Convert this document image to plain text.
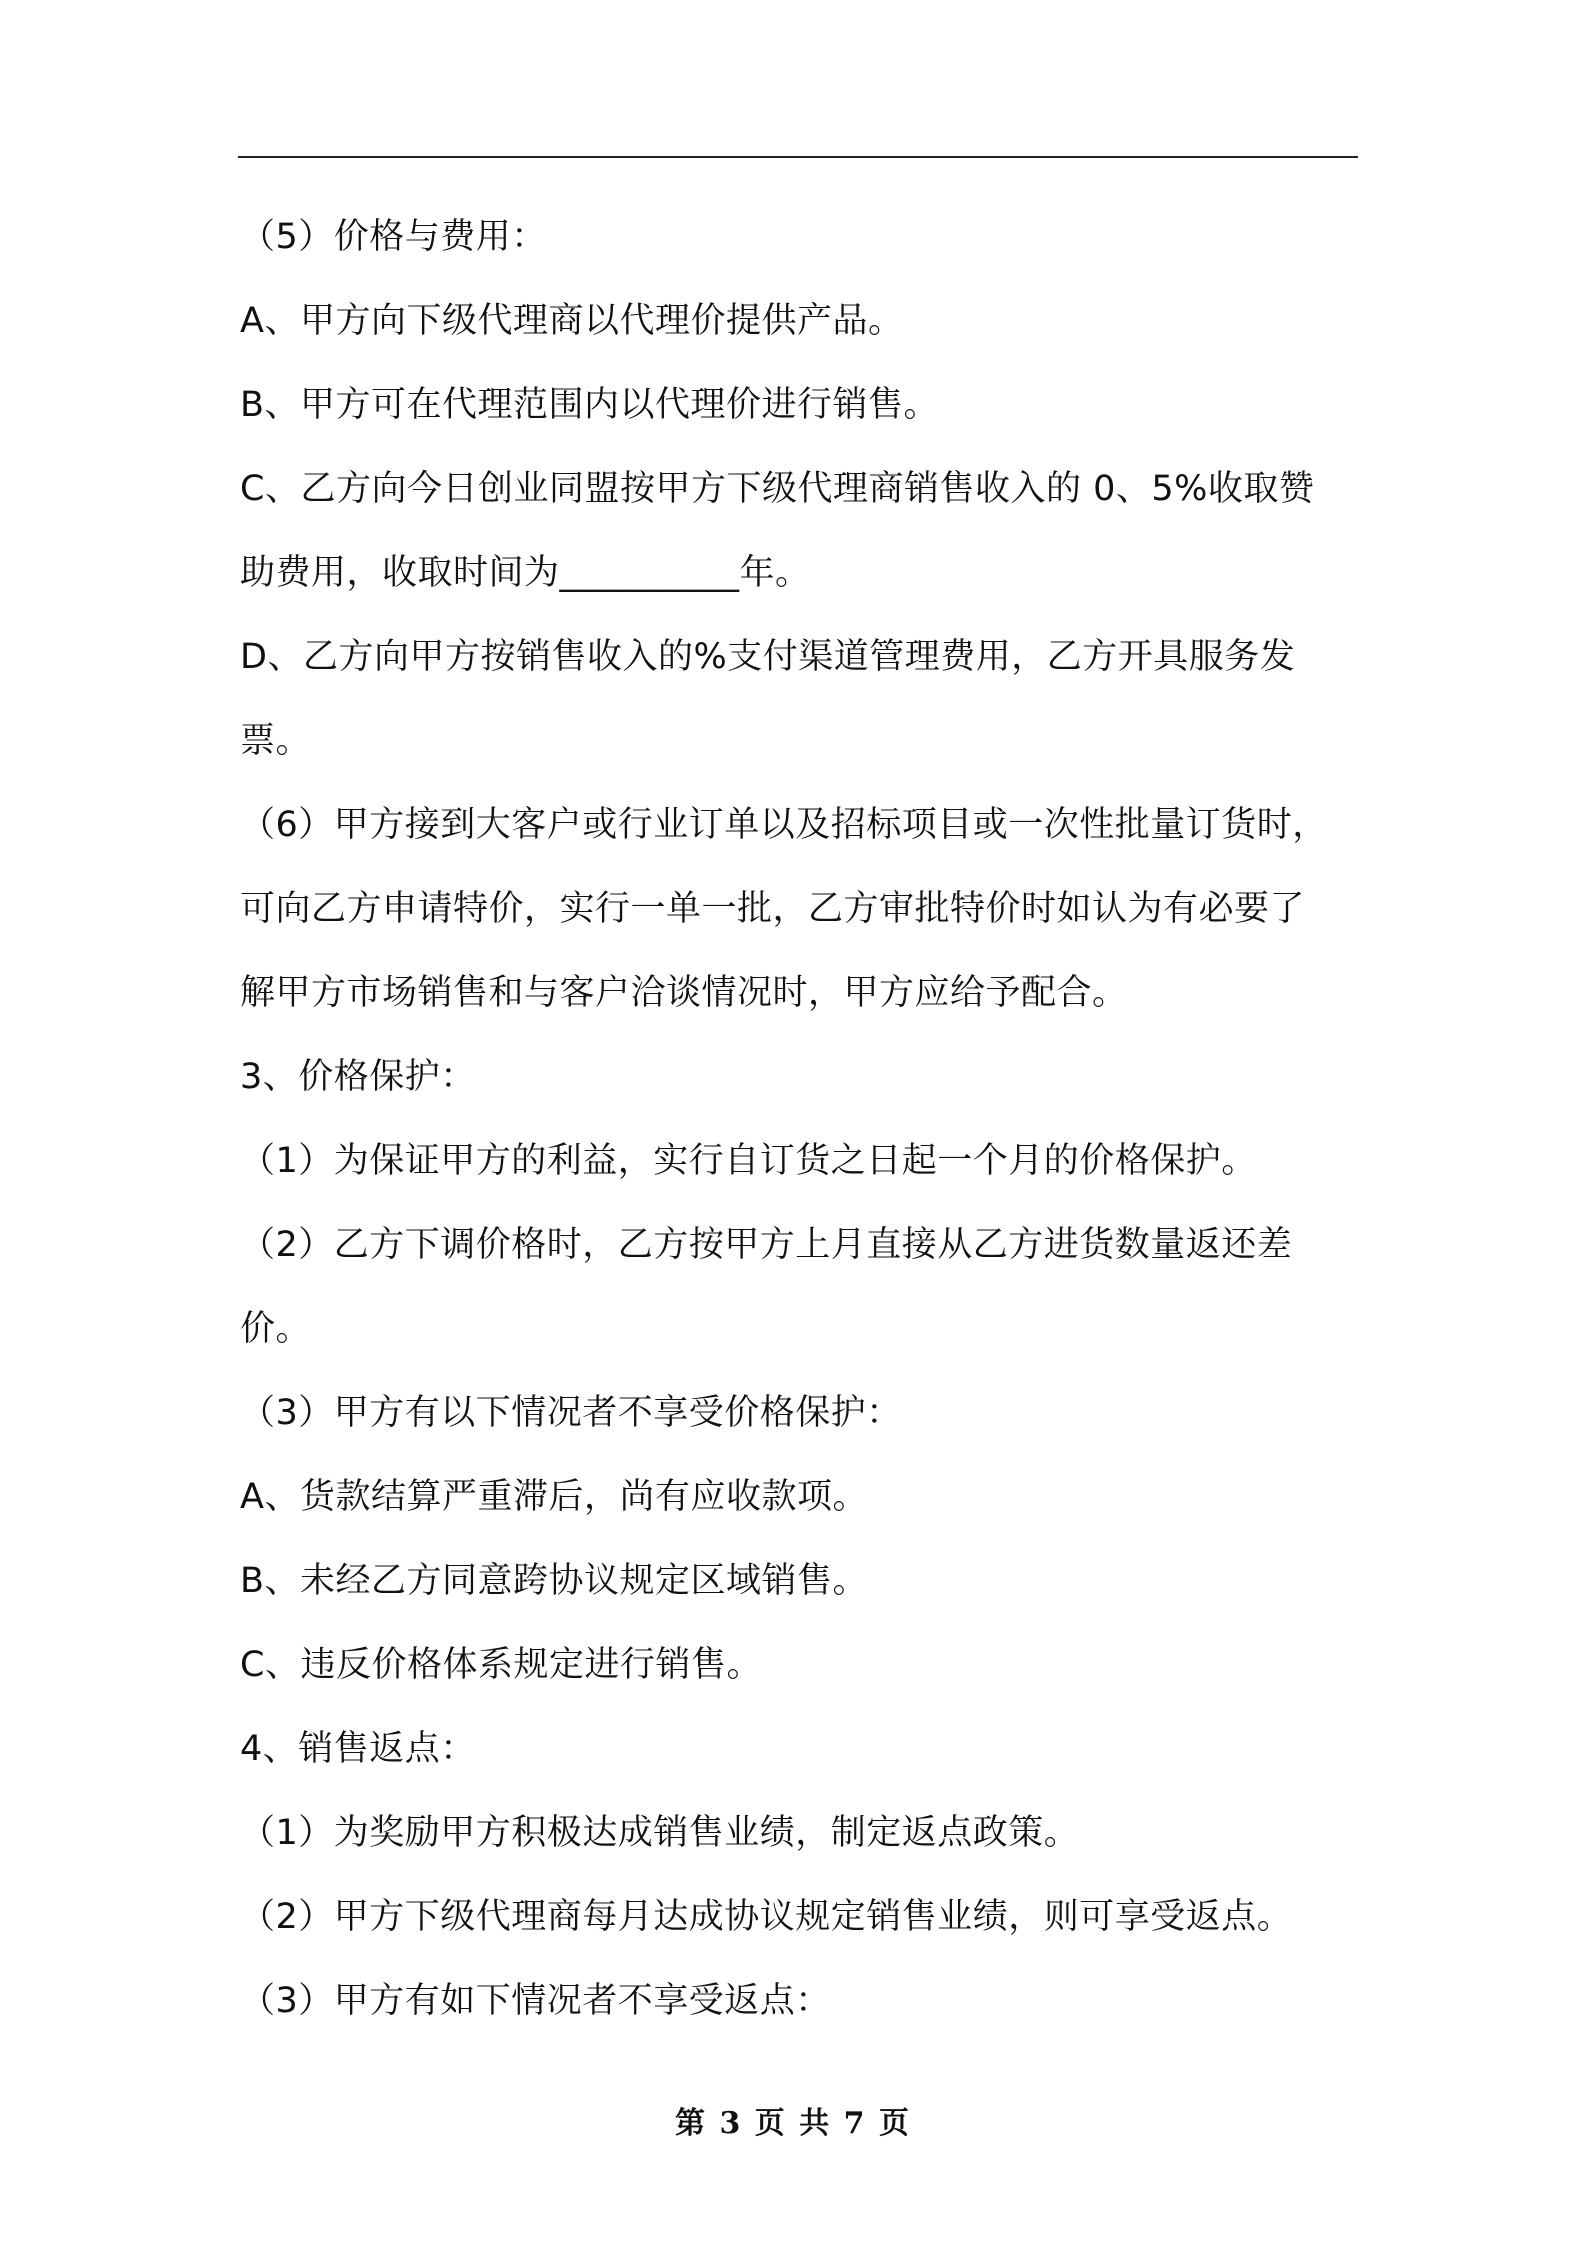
（5）价格与费用：
A、甲方向下级代理商以代理价提供产品。
B、甲方可在代理范围内以代理价进行销售。
C、乙方向今日创业同盟按甲方下级代理商销售收入的 0、5%收取赞
助费用，收取时间为__________年。
D、乙方向甲方按销售收入的%支付渠道管理费用，乙方开具服务发
票。
（6）甲方接到大客户或行业订单以及招标项目或一次性批量订货时，
可向乙方申请特价，实行一单一批，乙方审批特价时如认为有必要了
解甲方市场销售和与客户洽谈情况时，甲方应给予配合。
3、价格保护：
（1）为保证甲方的利益，实行自订货之日起一个月的价格保护。
（2）乙方下调价格时，乙方按甲方上月直接从乙方进货数量返还差
价。
（3）甲方有以下情况者不享受价格保护：
A、货款结算严重滞后，尚有应收款项。
B、未经乙方同意跨协议规定区域销售。
C、违反价格体系规定进行销售。
4、销售返点：
（1）为奖励甲方积极达成销售业绩，制定返点政策。
（2）甲方下级代理商每月达成协议规定销售业绩，则可享受返点。
（3）甲方有如下情况者不享受返点：
第 3 页 共 7 页
